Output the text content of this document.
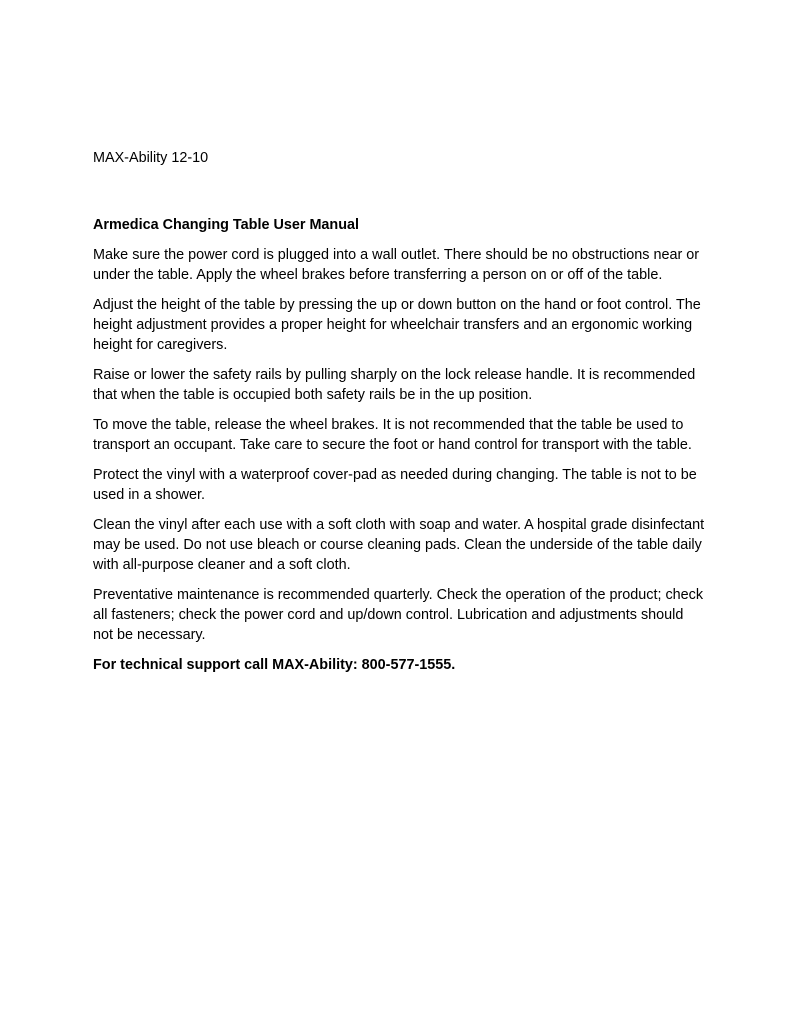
MAX-Ability 12-10

Armedica Changing Table User Manual

Make sure the power cord is plugged into a wall outlet. There should be no obstructions near or under the table. Apply the wheel brakes before transferring a person on or off of the table.

Adjust the height of the table by pressing the up or down button on the hand or foot control. The height adjustment provides a proper height for wheelchair transfers and an ergonomic working height for caregivers.

Raise or lower the safety rails by pulling sharply on the lock release handle. It is recommended that when the table is occupied both safety rails be in the up position.

To move the table, release the wheel brakes. It is not recommended that the table be used to transport an occupant. Take care to secure the foot or hand control for transport with the table.

Protect the vinyl with a waterproof cover-pad as needed during changing. The table is not to be used in a shower.

Clean the vinyl after each use with a soft cloth with soap and water. A hospital grade disinfectant may be used. Do not use bleach or course cleaning pads. Clean the underside of the table daily with all-purpose cleaner and a soft cloth.

Preventative maintenance is recommended quarterly. Check the operation of the product; check all fasteners; check the power cord and up/down control. Lubrication and adjustments should not be necessary.

For technical support call MAX-Ability: 800-577-1555.
